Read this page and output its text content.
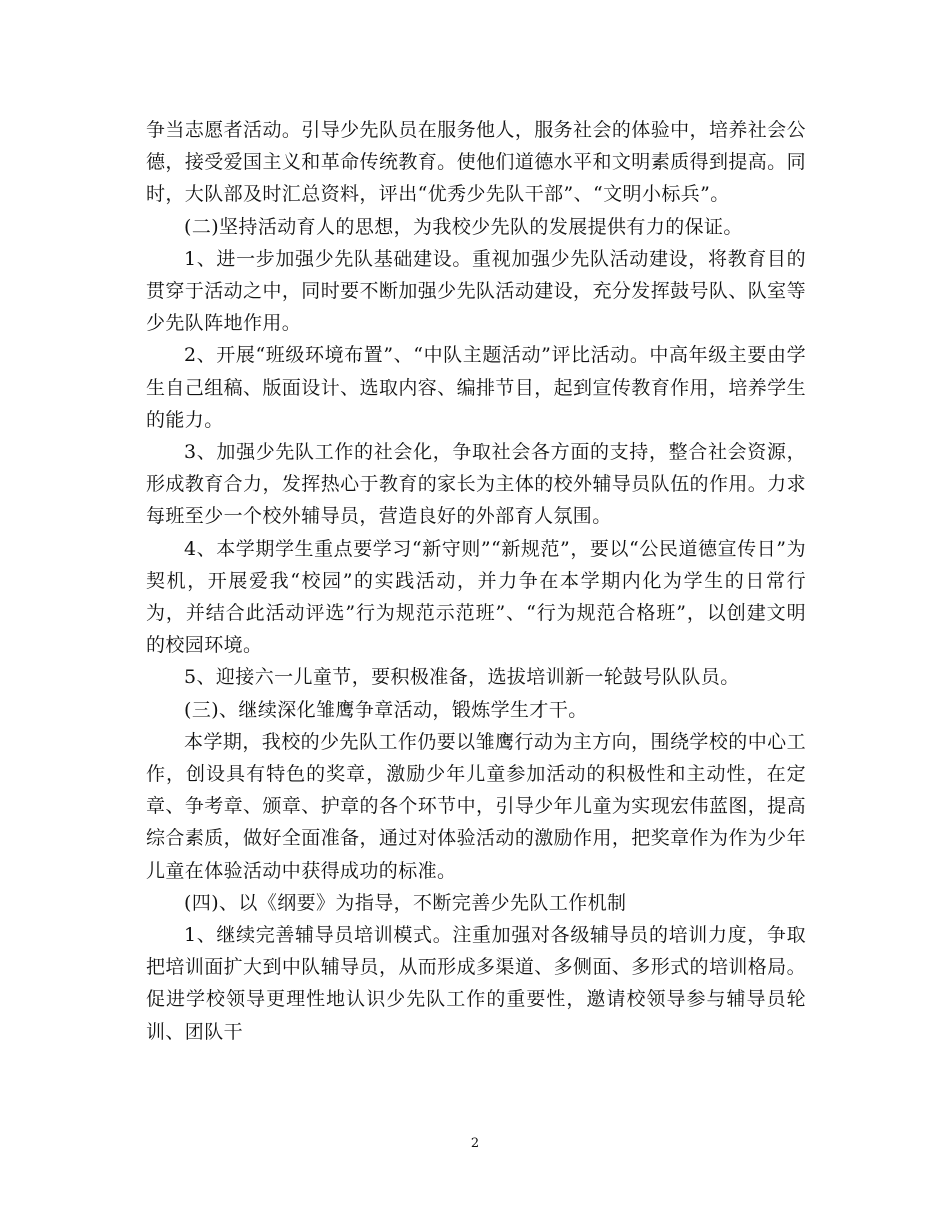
争当志愿者活动。引导少先队员在服务他人，服务社会的体验中，培养社会公德，接受爱国主义和革命传统教育。使他们道德水平和文明素质得到提高。同时，大队部及时汇总资料，评出“优秀少先队干部”、“文明小标兵”。

(二)坚持活动育人的思想，为我校少先队的发展提供有力的保证。

1、进一步加强少先队基础建设。重视加强少先队活动建设，将教育目的贯穿于活动之中，同时要不断加强少先队活动建设，充分发挥鼓号队、队室等少先队阵地作用。

2、开展“班级环境布置”、“中队主题活动”评比活动。中高年级主要由学生自己组稿、版面设计、选取内容、编排节目，起到宣传教育作用，培养学生的能力。

3、加强少先队工作的社会化，争取社会各方面的支持，整合社会资源，形成教育合力，发挥热心于教育的家长为主体的校外辅导员队伍的作用。力求每班至少一个校外辅导员，营造良好的外部育人氛围。

4、本学期学生重点要学习“新守则”“新规范”，要以“公民道德宣传日”为契机，开展爱我“校园”的实践活动，并力争在本学期内化为学生的日常行为，并结合此活动评选”行为规范示范班”、“行为规范合格班”，以创建文明的校园环境。

5、迎接六一儿童节，要积极准备，选拔培训新一轮鼓号队队员。

(三)、继续深化雏鹰争章活动，锻炼学生才干。

本学期，我校的少先队工作仍要以雏鹰行动为主方向，围绕学校的中心工作，创设具有特色的奖章，激励少年儿童参加活动的积极性和主动性，在定章、争考章、颁章、护章的各个环节中，引导少年儿童为实现宏伟蓝图，提高综合素质，做好全面准备，通过对体验活动的激励作用，把奖章作为作为少年儿童在体验活动中获得成功的标准。

(四)、以《纲要》为指导，不断完善少先队工作机制

1、继续完善辅导员培训模式。注重加强对各级辅导员的培训力度，争取把培训面扩大到中队辅导员，从而形成多渠道、多侧面、多形式的培训格局。促进学校领导更理性地认识少先队工作的重要性，邀请校领导参与辅导员轮训、团队干

2
